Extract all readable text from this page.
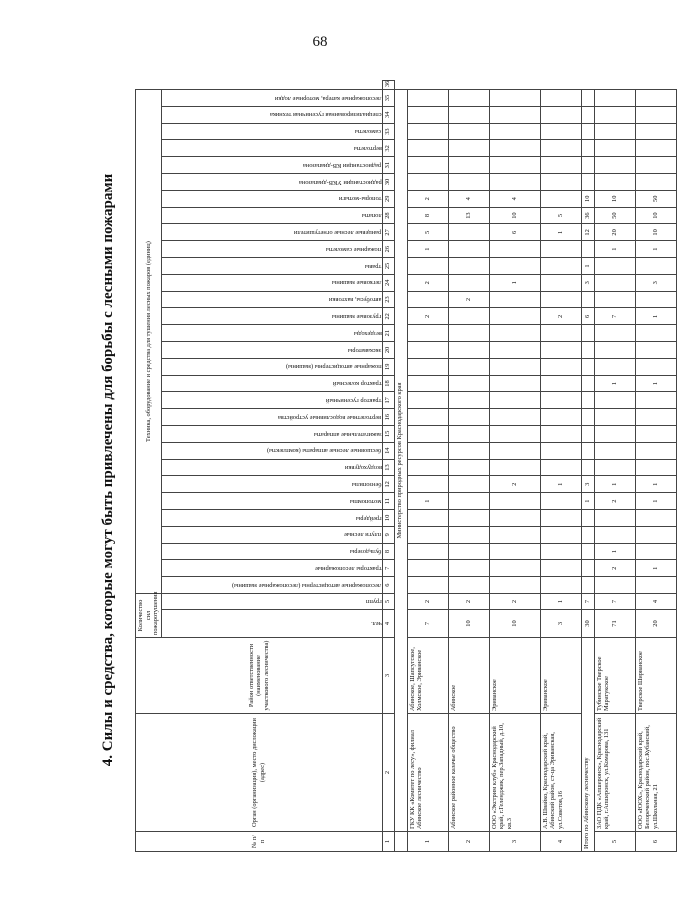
68
4. Силы и средства, которые могут быть привлечены для борьбы с лесными пожарами
№ п/п	Орган (организация), место дислокации (адрес)	Район ответственности (наименование участкового лесничества)	Количество сил пожаротушения		Техника, оборудование и средства для тушения лесных пожаров (единиц)																														

			чел.	групп	лесопожарные автоцистерны (лесопожарные машины)	тракторы лесопожарные	бульдозеры	плуги лесные	грейдеры	мотопомпы	бензопилы	воздуходувки	бесшовные лесные аппараты (комплекты)	зажигательные аппараты	вертолетные водосливные устройства	трактор гусеничный	трактор колесный	пожарные автоцистерны (машины)	экскаваторы	вездеходы	грузовые машины	автобусы, вахтовки	легковые машины	травы	пожарные самолеты	ранцевые лесные огнетушители	лопаты	топоры-мотыги	радиостанции УКВ-диапазона	радиостанции КВ-диапазона	вертолеты	самолеты	специализированная гусеничная техника	лесопожарные катера, моторные лодки	

1	2	3	4	5	6	7	8	9	10	11	12	13	14	15	16	17	18	19	20	21	22	23	24	25	26	27	28	29	30	31	32	33	34	35	36
	Министерство природных ресурсов Краснодарского края																																		
1	ГКУ КК «Комитет по лесу», филиал Абинское лесничество	Абинское, Шапсугское, Холмское, Эриванское	7	2						1											2		2		1	5	8	2							
2	Абинское районное казачье общество	Абинское	10	2																		2					13	4							
3	ООО «Экстрим клуб» Краснодарский край, г.Геленджик, пер.Западный, д.10, кв.3	Эриванское	10	2							2												1			6	10	4							
4	А.В. Швайко, Краснодарский край, Абинский район, ст-ца Эриванская, ул.Советов,16	Эриванское	3	1							1										2					1	5								
Итого по Абинскому лесничеству			30	7						1	3										6		3	1		12	36	10							
5	ЗАО ПДК «Апшеронск», Краснодарский край, г.Апшеронск, ул.Комарова, 131	Тубинское Тверское Маратукское	71	7		2	1			2	1						1				7				1	20	50	10							
6	ООО «ЮОХ», Краснодарский край, Белореченский район, пос.Кубанский, ул.Школьная, 21	Тверское Ширванское	20	4		1				1	1						1				1		3		1	10	10	50							
